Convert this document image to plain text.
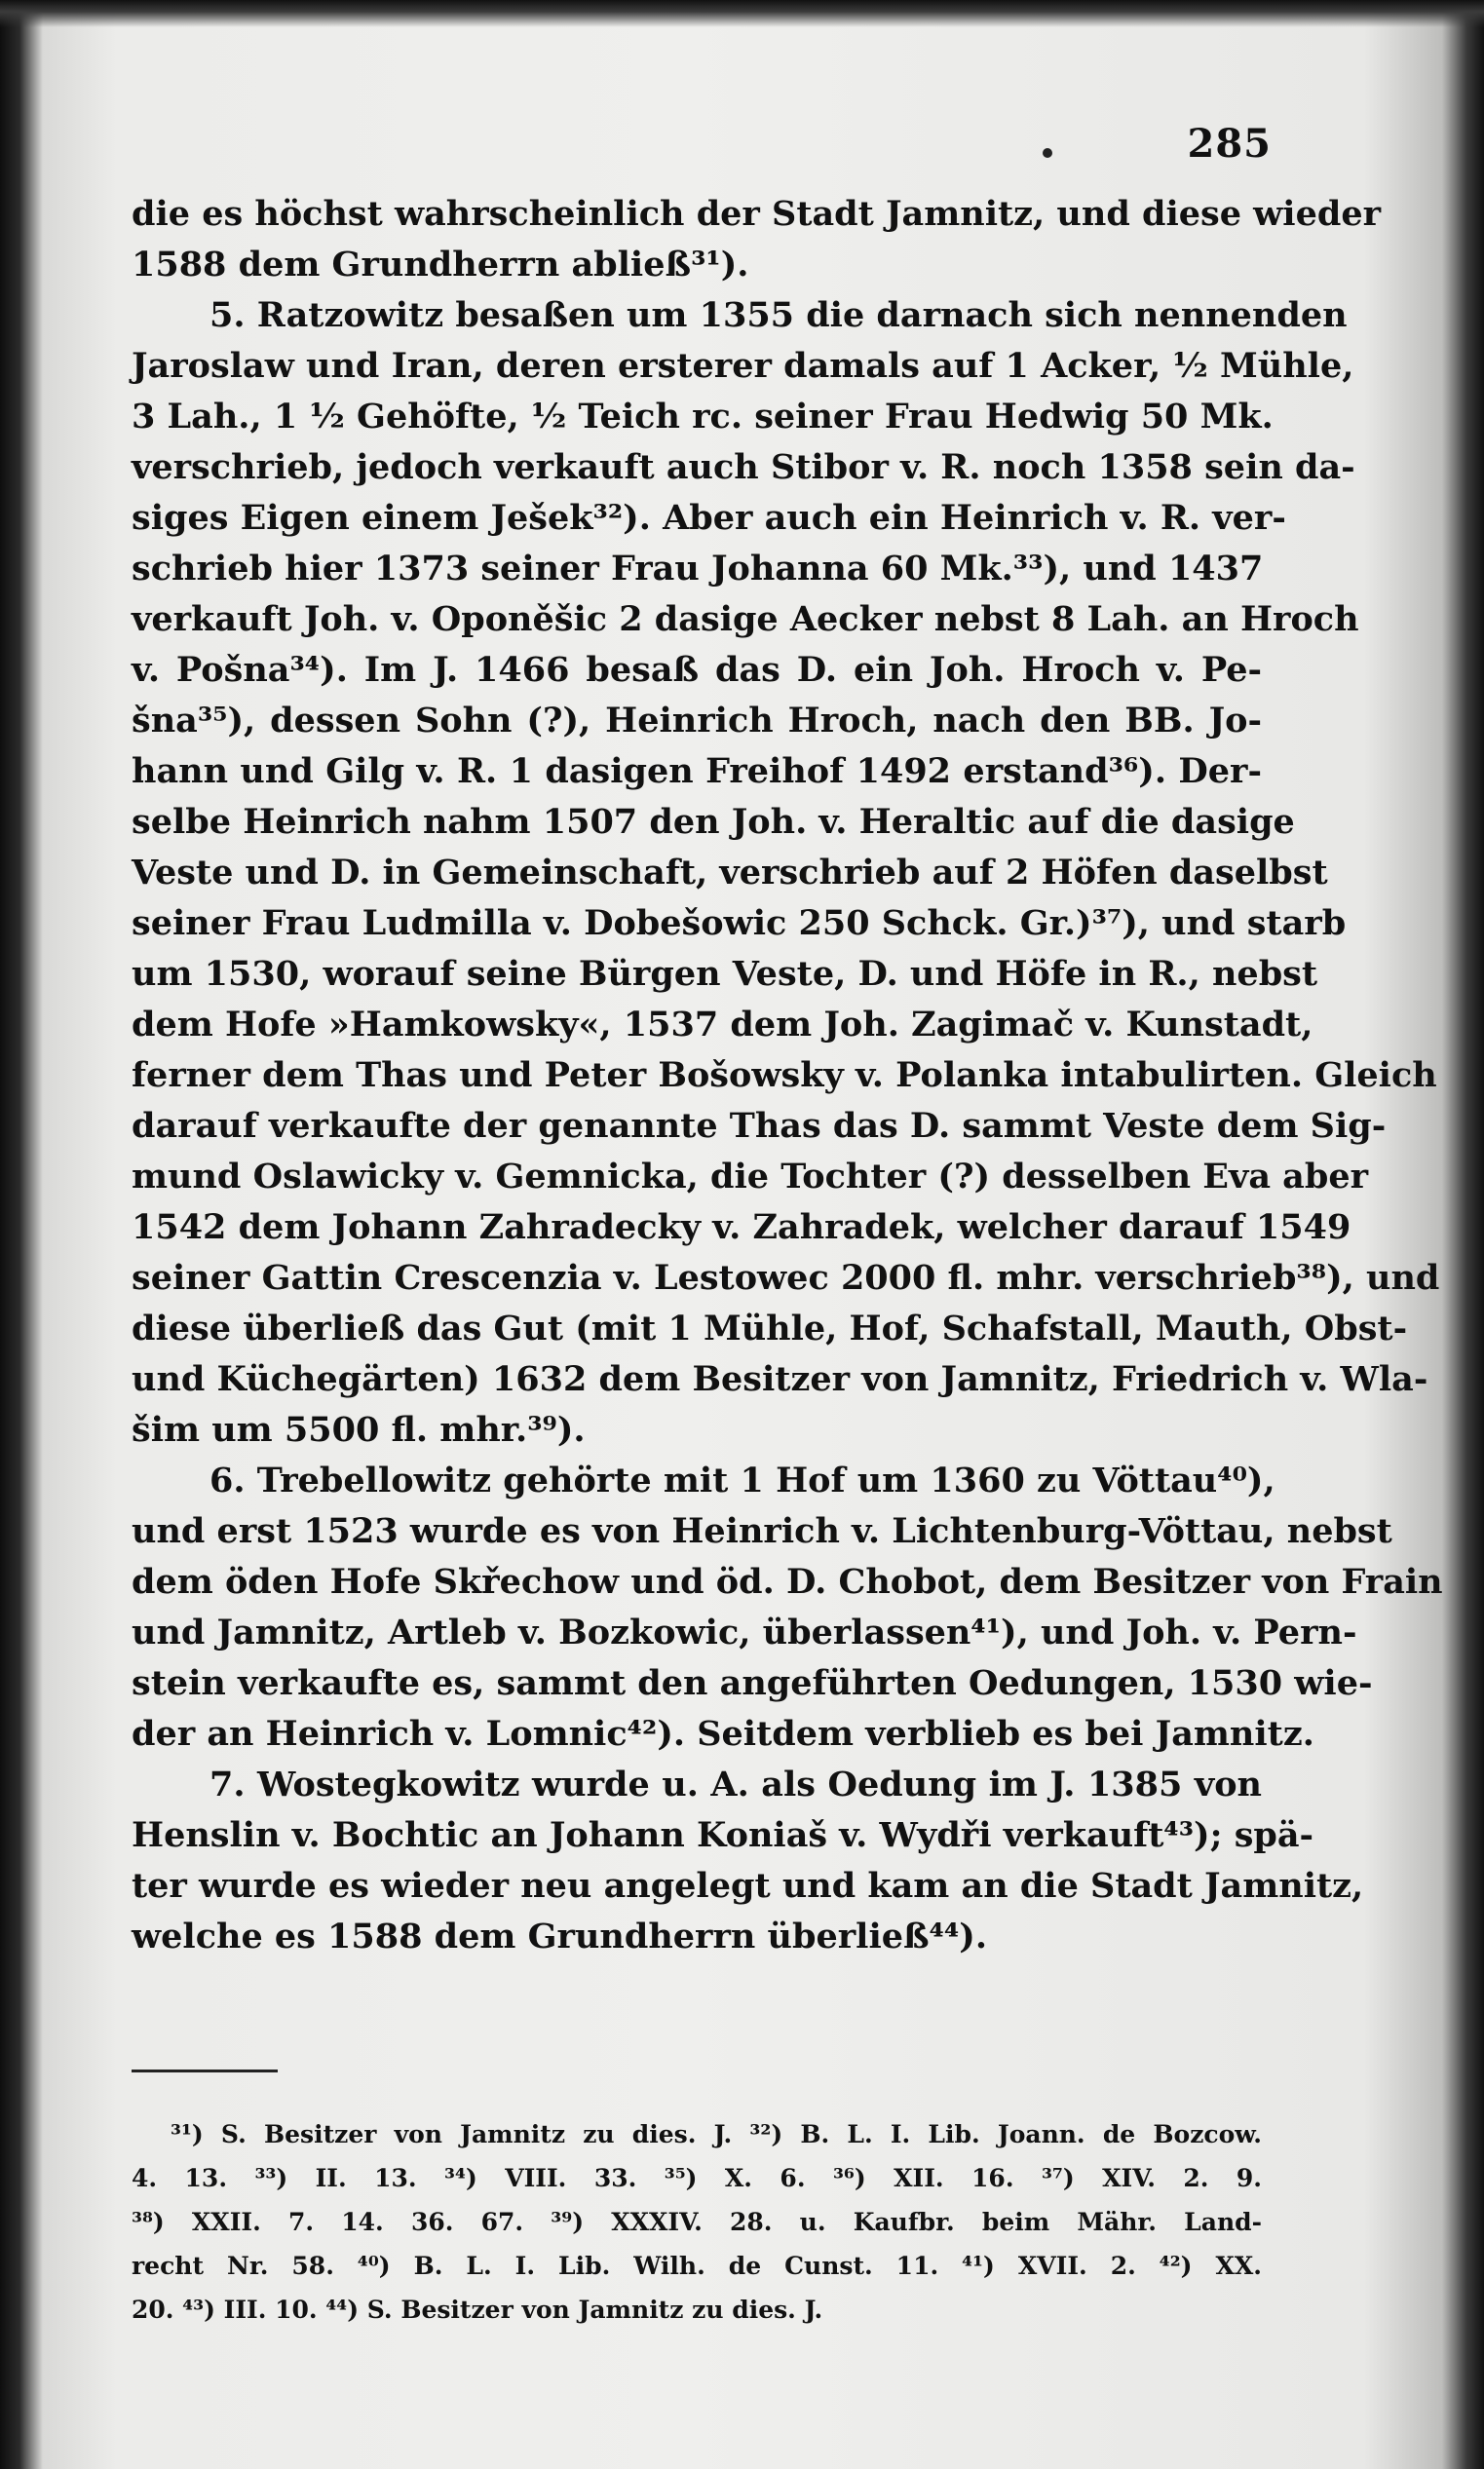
285
die es höchst wahrscheinlich der Stadt Jamnitz, und diese wieder
1588 dem Grundherrn abließ³¹).
5. Ratzowitz besaßen um 1355 die darnach sich nennenden
Jaroslaw und Iran, deren ersterer damals auf 1 Acker, ½ Mühle,
3 Lah., 1 ½ Gehöfte, ½ Teich rc. seiner Frau Hedwig 50 Mk.
verschrieb, jedoch verkauft auch Stibor v. R. noch 1358 sein da-
siges Eigen einem Ješek³²). Aber auch ein Heinrich v. R. ver-
schrieb hier 1373 seiner Frau Johanna 60 Mk.³³), und 1437
verkauft Joh. v. Oponěšic 2 dasige Aecker nebst 8 Lah. an Hroch
v. Pošna³⁴). Im J. 1466 besaß das D. ein Joh. Hroch v. Pe-
šna³⁵), dessen Sohn (?), Heinrich Hroch, nach den BB. Jo-
hann und Gilg v. R. 1 dasigen Freihof 1492 erstand³⁶). Der-
selbe Heinrich nahm 1507 den Joh. v. Heraltic auf die dasige
Veste und D. in Gemeinschaft, verschrieb auf 2 Höfen daselbst
seiner Frau Ludmilla v. Dobešowic 250 Schck. Gr.)³⁷), und starb
um 1530, worauf seine Bürgen Veste, D. und Höfe in R., nebst
dem Hofe »Hamkowsky«, 1537 dem Joh. Zagimač v. Kunstadt,
ferner dem Thas und Peter Bošowsky v. Polanka intabulirten. Gleich
darauf verkaufte der genannte Thas das D. sammt Veste dem Sig-
mund Oslawicky v. Gemnicka, die Tochter (?) desselben Eva aber
1542 dem Johann Zahradecky v. Zahradek, welcher darauf 1549
seiner Gattin Crescenzia v. Lestowec 2000 fl. mhr. verschrieb³⁸), und
diese überließ das Gut (mit 1 Mühle, Hof, Schafstall, Mauth, Obst-
und Küchegärten) 1632 dem Besitzer von Jamnitz, Friedrich v. Wla-
šim um 5500 fl. mhr.³⁹).
6. Trebellowitz gehörte mit 1 Hof um 1360 zu Vöttau⁴⁰),
und erst 1523 wurde es von Heinrich v. Lichtenburg-Vöttau, nebst
dem öden Hofe Skřechow und öd. D. Chobot, dem Besitzer von Frain
und Jamnitz, Artleb v. Bozkowic, überlassen⁴¹), und Joh. v. Pern-
stein verkaufte es, sammt den angeführten Oedungen, 1530 wie-
der an Heinrich v. Lomnic⁴²). Seitdem verblieb es bei Jamnitz.
7. Wostegkowitz wurde u. A. als Oedung im J. 1385 von
Henslin v. Bochtic an Johann Koniaš v. Wydři verkauft⁴³); spä-
ter wurde es wieder neu angelegt und kam an die Stadt Jamnitz,
welche es 1588 dem Grundherrn überließ⁴⁴).
³¹) S. Besitzer von Jamnitz zu dies. J. ³²) B. L. I. Lib. Joann. de Bozcow.
4. 13. ³³) II. 13. ³⁴) VIII. 33. ³⁵) X. 6. ³⁶) XII. 16. ³⁷) XIV. 2. 9.
³⁸) XXII. 7. 14. 36. 67. ³⁹) XXXIV. 28. u. Kaufbr. beim Mähr. Land-
recht Nr. 58. ⁴⁰) B. L. I. Lib. Wilh. de Cunst. 11. ⁴¹) XVII. 2. ⁴²) XX.
20. ⁴³) III. 10. ⁴⁴) S. Besitzer von Jamnitz zu dies. J.
